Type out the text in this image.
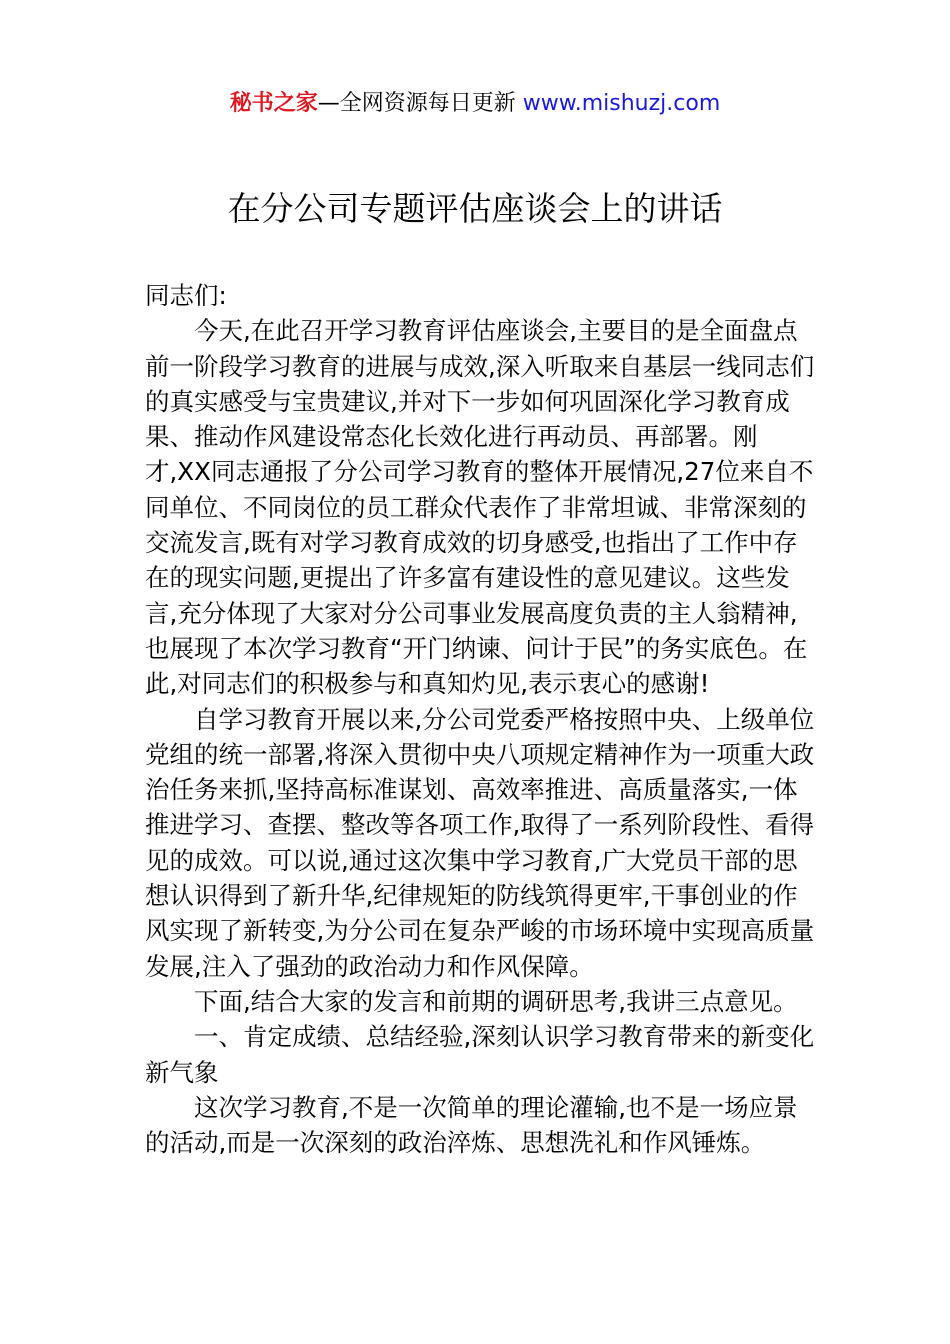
秘书之家—全网资源每日更新 www.mishuzj.com
在分公司专题评估座谈会上的讲话

同志们:

今天,在此召开学习教育评估座谈会,主要目的是全面盘点前一阶段学习教育的进展与成效,深入听取来自基层一线同志们的真实感受与宝贵建议,并对下一步如何巩固深化学习教育成果、推动作风建设常态化长效化进行再动员、再部署。刚才,XX同志通报了分公司学习教育的整体开展情况,27位来自不同单位、不同岗位的员工群众代表作了非常坦诚、非常深刻的交流发言,既有对学习教育成效的切身感受,也指出了工作中存在的现实问题,更提出了许多富有建设性的意见建议。这些发言,充分体现了大家对分公司事业发展高度负责的主人翁精神,也展现了本次学习教育“开门纳谏、问计于民”的务实底色。在此,对同志们的积极参与和真知灼见,表示衷心的感谢!

自学习教育开展以来,分公司党委严格按照中央、上级单位党组的统一部署,将深入贯彻中央八项规定精神作为一项重大政治任务来抓,坚持高标准谋划、高效率推进、高质量落实,一体推进学习、查摆、整改等各项工作,取得了一系列阶段性、看得见的成效。可以说,通过这次集中学习教育,广大党员干部的思想认识得到了新升华,纪律规矩的防线筑得更牢,干事创业的作风实现了新转变,为分公司在复杂严峻的市场环境中实现高质量发展,注入了强劲的政治动力和作风保障。

下面,结合大家的发言和前期的调研思考,我讲三点意见。

一、肯定成绩、总结经验,深刻认识学习教育带来的新变化新气象

这次学习教育,不是一次简单的理论灌输,也不是一场应景的活动,而是一次深刻的政治淬炼、思想洗礼和作风锤炼。
